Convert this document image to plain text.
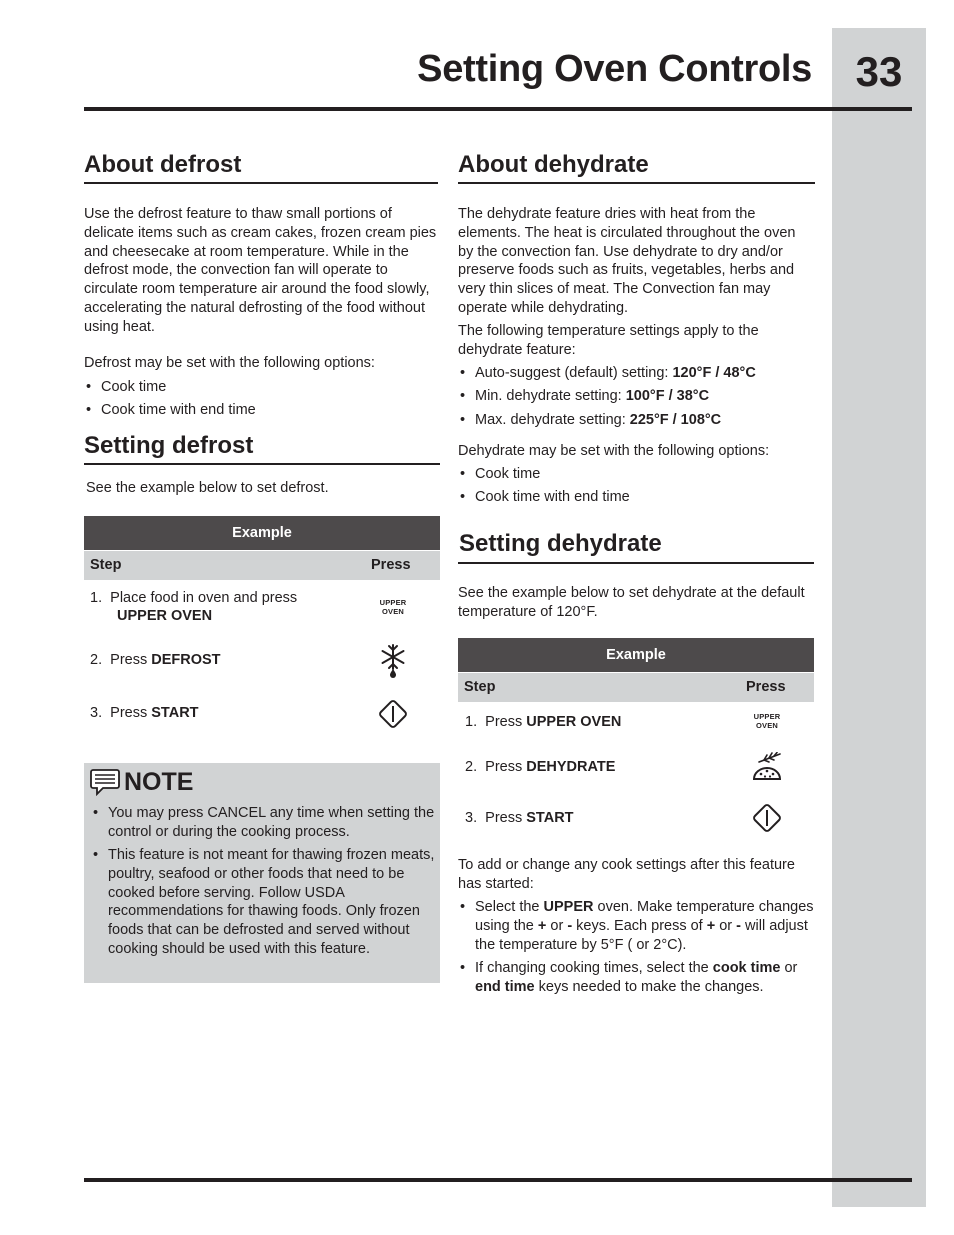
Setting Oven Controls	33
About defrost

Use the defrost feature to thaw small portions of delicate items such as cream cakes, frozen cream pies and cheesecake at room temperature. While in the defrost mode, the convection fan will operate to circulate room temperature air around the food slowly, accelerating the natural defrosting of the food without using heat.

Defrost may be set with the following options:

• Cook time
• Cook time with end time
Setting defrost

See the example below to set defrost.

Example
Step	Press
1. Place food in oven and press
UPPER OVEN
UPPER
OVEN
2. Press DEFROST
3. Press START
NOTE
• You may press CANCEL any time when setting the control or during the cooking process.
• This feature is not meant for thawing frozen meats, poultry, seafood or other foods that need to be cooked before serving. Follow USDA recommendations for thawing foods. Only frozen foods that can be defrosted and served without cooking should be used with this feature.
About dehydrate

The dehydrate feature dries with heat from the elements. The heat is circulated throughout the oven by the convection fan. Use dehydrate to dry and/or preserve foods such as fruits, vegetables, herbs and very thin slices of meat. The Convection fan may operate while dehydrating.

The following temperature settings apply to the dehydrate feature:

• Auto-suggest (default) setting: 120°F / 48°C
• Min. dehydrate setting: 100°F / 38°C
• Max. dehydrate setting: 225°F / 108°C

Dehydrate may be set with the following options:

• Cook time
• Cook time with end time
Setting dehydrate

See the example below to set dehydrate at the default temperature of 120°F.

Example
Step	Press
1. Press UPPER OVEN	UPPER
OVEN
2. Press DEHYDRATE
3. Press START

To add or change any cook settings after this feature has started:

• Select the UPPER oven. Make temperature changes using the + or - keys. Each press of + or - will adjust the temperature by 5°F ( or 2°C).
• If changing cooking times, select the cook time or end time keys needed to make the changes.
